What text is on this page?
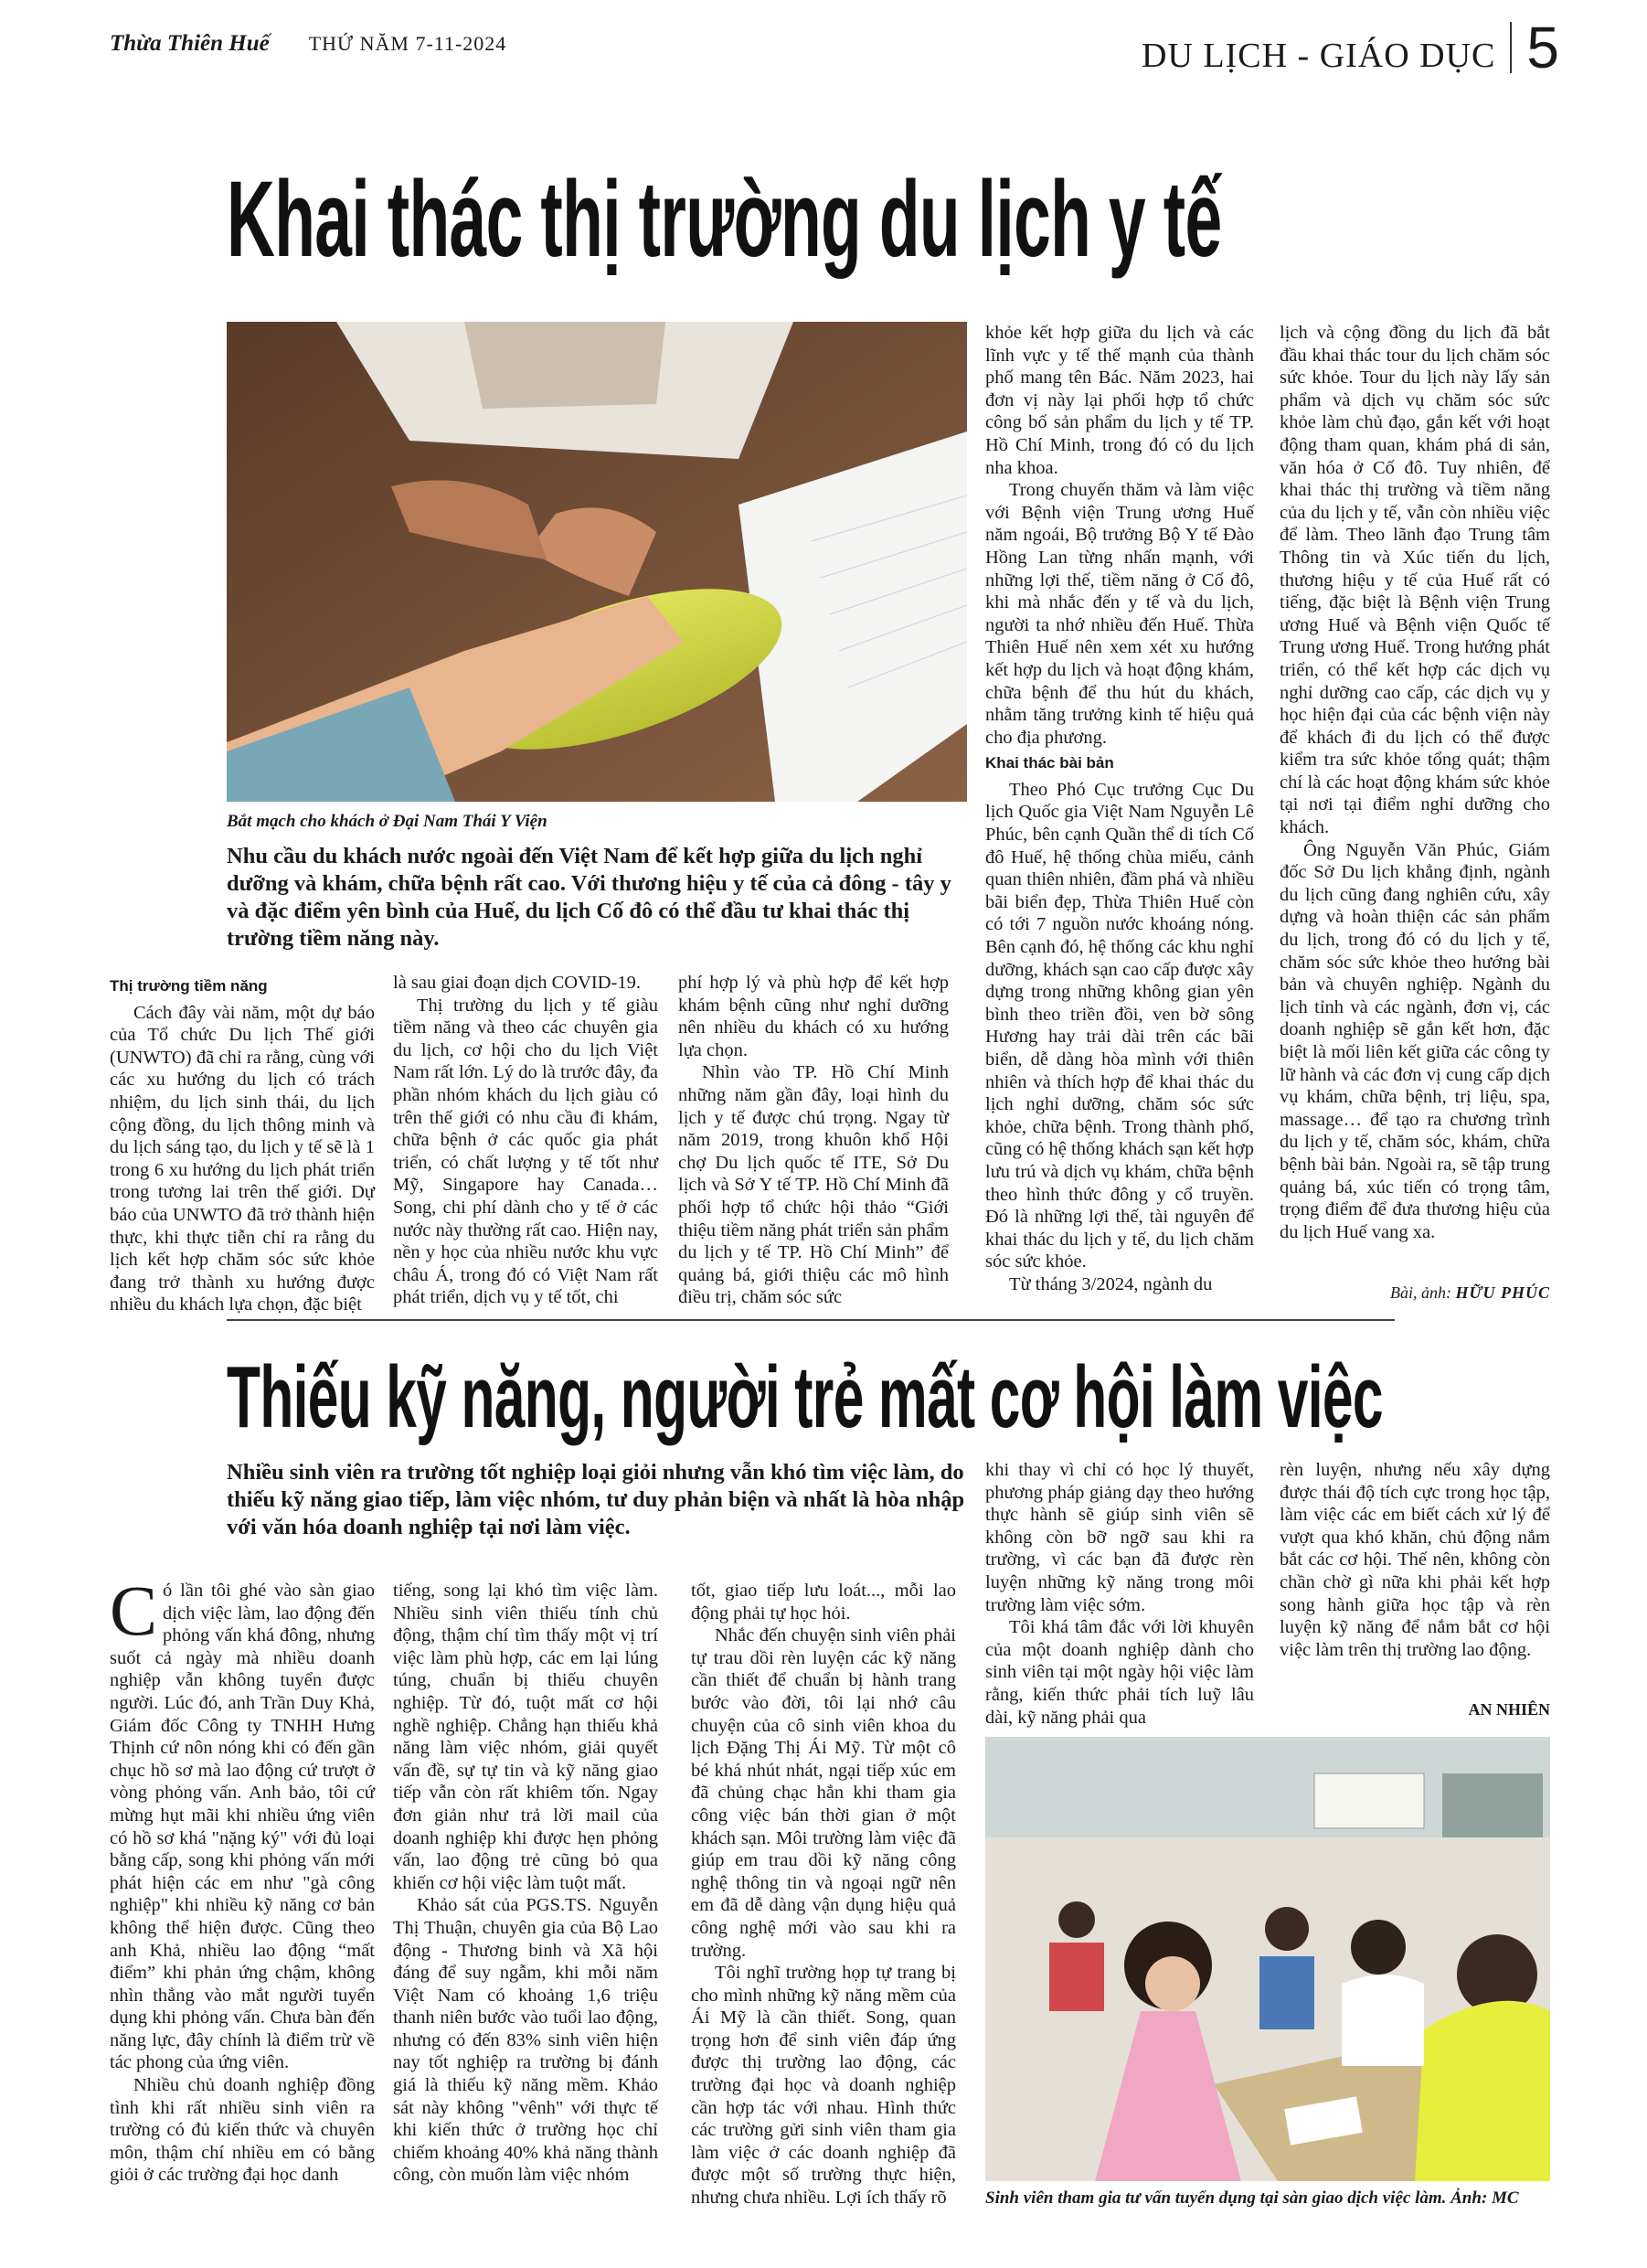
Thừa Thiên Huế THỨ NĂM 7-11-2024	DU LỊCH - GIÁO DỤC 5
Khai thác thị trường du lịch y tế
Bắt mạch cho khách ở Đại Nam Thái Y Viện
Nhu cầu du khách nước ngoài đến Việt Nam để kết hợp giữa du lịch nghỉ dưỡng và khám, chữa bệnh rất cao. Với thương hiệu y tế của cả đông - tây y và đặc điểm yên bình của Huế, du lịch Cố đô có thể đầu tư khai thác thị trường tiềm năng này.
Thị trường tiềm năng

Cách đây vài năm, một dự báo của Tổ chức Du lịch Thế giới (UNWTO) đã chỉ ra rằng, cùng với các xu hướng du lịch có trách nhiệm, du lịch sinh thái, du lịch cộng đồng, du lịch thông minh và du lịch sáng tạo, du lịch y tế sẽ là 1 trong 6 xu hướng du lịch phát triển trong tương lai trên thế giới. Dự báo của UNWTO đã trở thành hiện thực, khi thực tiễn chỉ ra rằng du lịch kết hợp chăm sóc sức khỏe đang trở thành xu hướng được nhiều du khách lựa chọn, đặc biệt

là sau giai đoạn dịch COVID-19.

Thị trường du lịch y tế giàu tiềm năng và theo các chuyên gia du lịch, cơ hội cho du lịch Việt Nam rất lớn. Lý do là trước đây, đa phần nhóm khách du lịch giàu có trên thế giới có nhu cầu đi khám, chữa bệnh ở các quốc gia phát triển, có chất lượng y tế tốt như Mỹ, Singapore hay Canada… Song, chi phí dành cho y tế ở các nước này thường rất cao. Hiện nay, nền y học của nhiều nước khu vực châu Á, trong đó có Việt Nam rất phát triển, dịch vụ y tế tốt, chi

phí hợp lý và phù hợp để kết hợp khám bệnh cũng như nghỉ dưỡng nên nhiều du khách có xu hướng lựa chọn.

Nhìn vào TP. Hồ Chí Minh những năm gần đây, loại hình du lịch y tế được chú trọng. Ngay từ năm 2019, trong khuôn khổ Hội chợ Du lịch quốc tế ITE, Sở Du lịch và Sở Y tế TP. Hồ Chí Minh đã phối hợp tổ chức hội thảo “Giới thiệu tiềm năng phát triển sản phẩm du lịch y tế TP. Hồ Chí Minh” để quảng bá, giới thiệu các mô hình điều trị, chăm sóc sức

khỏe kết hợp giữa du lịch và các lĩnh vực y tế thế mạnh của thành phố mang tên Bác. Năm 2023, hai đơn vị này lại phối hợp tổ chức công bố sản phẩm du lịch y tế TP. Hồ Chí Minh, trong đó có du lịch nha khoa.

Trong chuyến thăm và làm việc với Bệnh viện Trung ương Huế năm ngoái, Bộ trưởng Bộ Y tế Đào Hồng Lan từng nhấn mạnh, với những lợi thế, tiềm năng ở Cố đô, khi mà nhắc đến y tế và du lịch, người ta nhớ nhiều đến Huế. Thừa Thiên Huế nên xem xét xu hướng kết hợp du lịch và hoạt động khám, chữa bệnh để thu hút du khách, nhằm tăng trưởng kinh tế hiệu quả cho địa phương.

Khai thác bài bản

Theo Phó Cục trưởng Cục Du lịch Quốc gia Việt Nam Nguyễn Lê Phúc, bên cạnh Quần thể di tích Cố đô Huế, hệ thống chùa miếu, cảnh quan thiên nhiên, đầm phá và nhiều bãi biển đẹp, Thừa Thiên Huế còn có tới 7 nguồn nước khoáng nóng. Bên cạnh đó, hệ thống các khu nghỉ dưỡng, khách sạn cao cấp được xây dựng trong những không gian yên bình theo triền đồi, ven bờ sông Hương hay trải dài trên các bãi biển, dễ dàng hòa mình với thiên nhiên và thích hợp để khai thác du lịch nghỉ dưỡng, chăm sóc sức khỏe, chữa bệnh. Trong thành phố, cũng có hệ thống khách sạn kết hợp lưu trú và dịch vụ khám, chữa bệnh theo hình thức đông y cổ truyền. Đó là những lợi thế, tài nguyên để khai thác du lịch y tế, du lịch chăm sóc sức khỏe.

Từ tháng 3/2024, ngành du

lịch và cộng đồng du lịch đã bắt đầu khai thác tour du lịch chăm sóc sức khỏe. Tour du lịch này lấy sản phẩm và dịch vụ chăm sóc sức khỏe làm chủ đạo, gắn kết với hoạt động tham quan, khám phá di sản, văn hóa ở Cố đô. Tuy nhiên, để khai thác thị trường và tiềm năng của du lịch y tế, vẫn còn nhiều việc để làm. Theo lãnh đạo Trung tâm Thông tin và Xúc tiến du lịch, thương hiệu y tế của Huế rất có tiếng, đặc biệt là Bệnh viện Trung ương Huế và Bệnh viện Quốc tế Trung ương Huế. Trong hướng phát triển, có thể kết hợp các dịch vụ nghỉ dưỡng cao cấp, các dịch vụ y học hiện đại của các bệnh viện này để khách đi du lịch có thể được kiểm tra sức khỏe tổng quát; thậm chí là các hoạt động khám sức khỏe tại nơi tại điểm nghỉ dưỡng cho khách.

Ông Nguyễn Văn Phúc, Giám đốc Sở Du lịch khẳng định, ngành du lịch cũng đang nghiên cứu, xây dựng và hoàn thiện các sản phẩm du lịch, trong đó có du lịch y tế, chăm sóc sức khỏe theo hướng bài bản và chuyên nghiệp. Ngành du lịch tỉnh và các ngành, đơn vị, các doanh nghiệp sẽ gắn kết hơn, đặc biệt là mối liên kết giữa các công ty lữ hành và các đơn vị cung cấp dịch vụ khám, chữa bệnh, trị liệu, spa, massage… để tạo ra chương trình du lịch y tế, chăm sóc, khám, chữa bệnh bài bản. Ngoài ra, sẽ tập trung quảng bá, xúc tiến có trọng tâm, trọng điểm để đưa thương hiệu của du lịch Huế vang xa.

Bài, ảnh: HỮU PHÚC
Thiếu kỹ năng, người trẻ mất cơ hội làm việc
Nhiều sinh viên ra trường tốt nghiệp loại giỏi nhưng vẫn khó tìm việc làm, do thiếu kỹ năng giao tiếp, làm việc nhóm, tư duy phản biện và nhất là hòa nhập với văn hóa doanh nghiệp tại nơi làm việc.

Có lần tôi ghé vào sàn giao dịch việc làm, lao động đến phỏng vấn khá đông, nhưng suốt cả ngày mà nhiều doanh nghiệp vẫn không tuyển được người. Lúc đó, anh Trần Duy Khả, Giám đốc Công ty TNHH Hưng Thịnh cứ nôn nóng khi có đến gần chục hồ sơ mà lao động cứ trượt ở vòng phỏng vấn. Anh bảo, tôi cứ mừng hụt mãi khi nhiều ứng viên có hồ sơ khá "nặng ký" với đủ loại bằng cấp, song khi phỏng vấn mới phát hiện các em như "gà công nghiệp" khi nhiều kỹ năng cơ bản không thể hiện được. Cũng theo anh Khả, nhiều lao động “mất điểm” khi phản ứng chậm, không nhìn thẳng vào mắt người tuyển dụng khi phỏng vấn. Chưa bàn đến năng lực, đây chính là điểm trừ về tác phong của ứng viên.

Nhiều chủ doanh nghiệp đồng tình khi rất nhiều sinh viên ra trường có đủ kiến thức và chuyên môn, thậm chí nhiều em có bằng giỏi ở các trường đại học danh

tiếng, song lại khó tìm việc làm. Nhiều sinh viên thiếu tính chủ động, thậm chí tìm thấy một vị trí việc làm phù hợp, các em lại lúng túng, chuẩn bị thiếu chuyên nghiệp. Từ đó, tuột mất cơ hội nghề nghiệp. Chẳng hạn thiếu khả năng làm việc nhóm, giải quyết vấn đề, sự tự tin và kỹ năng giao tiếp vẫn còn rất khiêm tốn. Ngay đơn giản như trả lời mail của doanh nghiệp khi được hẹn phỏng vấn, lao động trẻ cũng bỏ qua khiến cơ hội việc làm tuột mất.

Khảo sát của PGS.TS. Nguyễn Thị Thuận, chuyên gia của Bộ Lao động - Thương binh và Xã hội đáng để suy ngẫm, khi mỗi năm Việt Nam có khoảng 1,6 triệu thanh niên bước vào tuổi lao động, nhưng có đến 83% sinh viên hiện nay tốt nghiệp ra trường bị đánh giá là thiếu kỹ năng mềm. Khảo sát này không "vênh" với thực tế khi kiến thức ở trường học chỉ chiếm khoảng 40% khả năng thành công, còn muốn làm việc nhóm

tốt, giao tiếp lưu loát..., mỗi lao động phải tự học hỏi.

Nhắc đến chuyện sinh viên phải tự trau dồi rèn luyện các kỹ năng cần thiết để chuẩn bị hành trang bước vào đời, tôi lại nhớ câu chuyện của cô sinh viên khoa du lịch Đặng Thị Ái Mỹ. Từ một cô bé khá nhút nhát, ngại tiếp xúc em đã chủng chạc hẳn khi tham gia công việc bán thời gian ở một khách sạn. Môi trường làm việc đã giúp em trau dồi kỹ năng công nghệ thông tin và ngoại ngữ nên em đã dễ dàng vận dụng hiệu quả công nghệ mới vào sau khi ra trường.

Tôi nghĩ trường họp tự trang bị cho mình những kỹ năng mềm của Ái Mỹ là cần thiết. Song, quan trọng hơn để sinh viên đáp ứng được thị trường lao động, các trường đại học và doanh nghiệp cần hợp tác với nhau. Hình thức các trường gửi sinh viên tham gia làm việc ở các doanh nghiệp đã được một số trường thực hiện, nhưng chưa nhiều. Lợi ích thấy rõ

khi thay vì chỉ có học lý thuyết, phương pháp giảng dạy theo hướng thực hành sẽ giúp sinh viên sẽ không còn bỡ ngỡ sau khi ra trường, vì các bạn đã được rèn luyện những kỹ năng trong môi trường làm việc sớm.

Tôi khá tâm đắc với lời khuyên của một doanh nghiệp dành cho sinh viên tại một ngày hội việc làm rằng, kiến thức phải tích luỹ lâu dài, kỹ năng phải qua

rèn luyện, nhưng nếu xây dựng được thái độ tích cực trong học tập, làm việc các em biết cách xử lý để vượt qua khó khăn, chủ động nắm bắt các cơ hội. Thế nên, không còn chần chờ gì nữa khi phải kết hợp song hành giữa học tập và rèn luyện kỹ năng để nắm bắt cơ hội việc làm trên thị trường lao động.

AN NHIÊN
Sinh viên tham gia tư vấn tuyển dụng tại sàn giao dịch việc làm. Ảnh: MC
